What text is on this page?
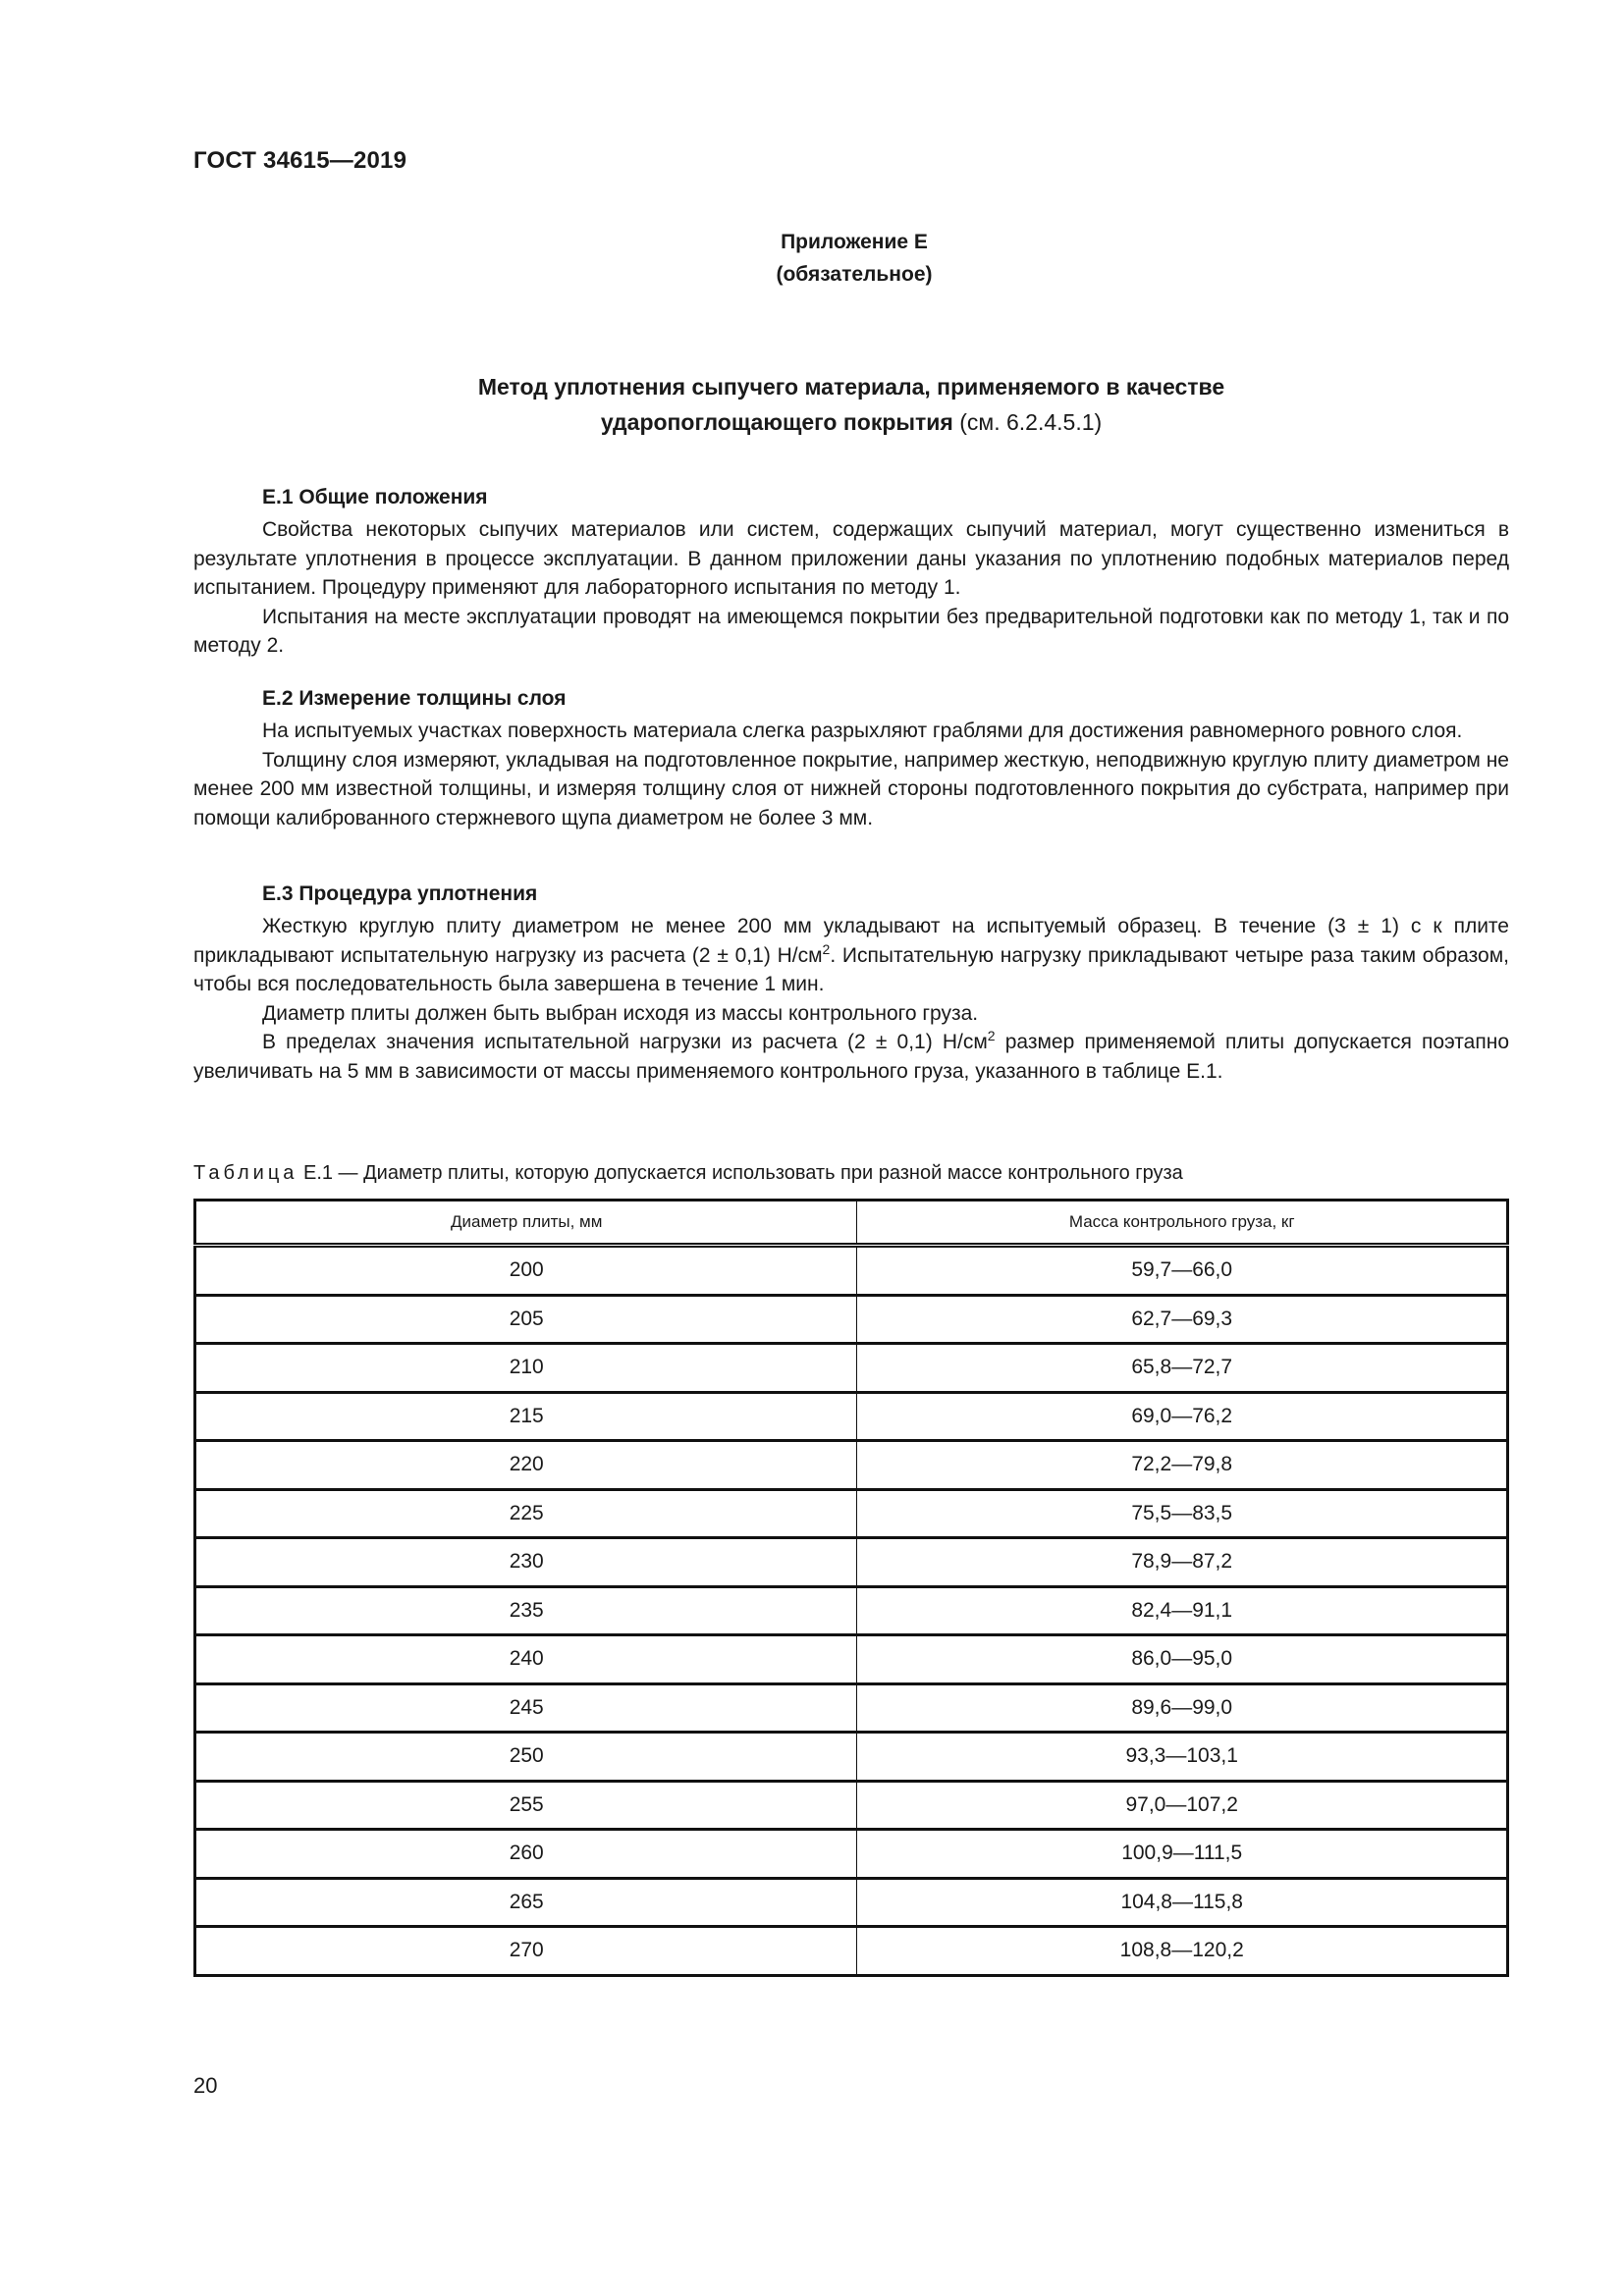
ГОСТ 34615—2019
Приложение Е
(обязательное)
Метод уплотнения сыпучего материала, применяемого в качестве
ударопоглощающего покрытия (см. 6.2.4.5.1)
Е.1 Общие положения

Свойства некоторых сыпучих материалов или систем, содержащих сыпучий материал, могут существенно измениться в результате уплотнения в процессе эксплуатации. В данном приложении даны указания по уплотнению подобных материалов перед испытанием. Процедуру применяют для лабораторного испытания по методу 1.

Испытания на месте эксплуатации проводят на имеющемся покрытии без предварительной подготовки как по методу 1, так и по методу 2.

Е.2 Измерение толщины слоя

На испытуемых участках поверхность материала слегка разрыхляют граблями для достижения равномерного ровного слоя.

Толщину слоя измеряют, укладывая на подготовленное покрытие, например жесткую, неподвижную круглую плиту диаметром не менее 200 мм известной толщины, и измеряя толщину слоя от нижней стороны подготовленного покрытия до субстрата, например при помощи калиброванного стержневого щупа диаметром не более 3 мм.

Е.3 Процедура уплотнения

Жесткую круглую плиту диаметром не менее 200 мм укладывают на испытуемый образец. В течение (3 ± 1) с к плите прикладывают испытательную нагрузку из расчета (2 ± 0,1) $Н/см^2$. Испытательную нагрузку прикладывают четыре раза таким образом, чтобы вся последовательность была завершена в течение 1 мин.

Диаметр плиты должен быть выбран исходя из массы контрольного груза.

В пределах значения испытательной нагрузки из расчета (2 ± 0,1) $Н/см^2$ размер применяемой плиты допускается поэтапно увеличивать на 5 мм в зависимости от массы применяемого контрольного груза, указанного в таблице Е.1.

Таблица Е.1 — Диаметр плиты, которую допускается использовать при разной массе контрольного груза
Диаметр плиты, мм	Масса контрольного груза, кг
200	59,7—66,0
205	62,7—69,3
210	65,8—72,7
215	69,0—76,2
220	72,2—79,8
225	75,5—83,5
230	78,9—87,2
235	82,4—91,1
240	86,0—95,0
245	89,6—99,0
250	93,3—103,1
255	97,0—107,2
260	100,9—111,5
265	104,8—115,8
270	108,8—120,2
20
